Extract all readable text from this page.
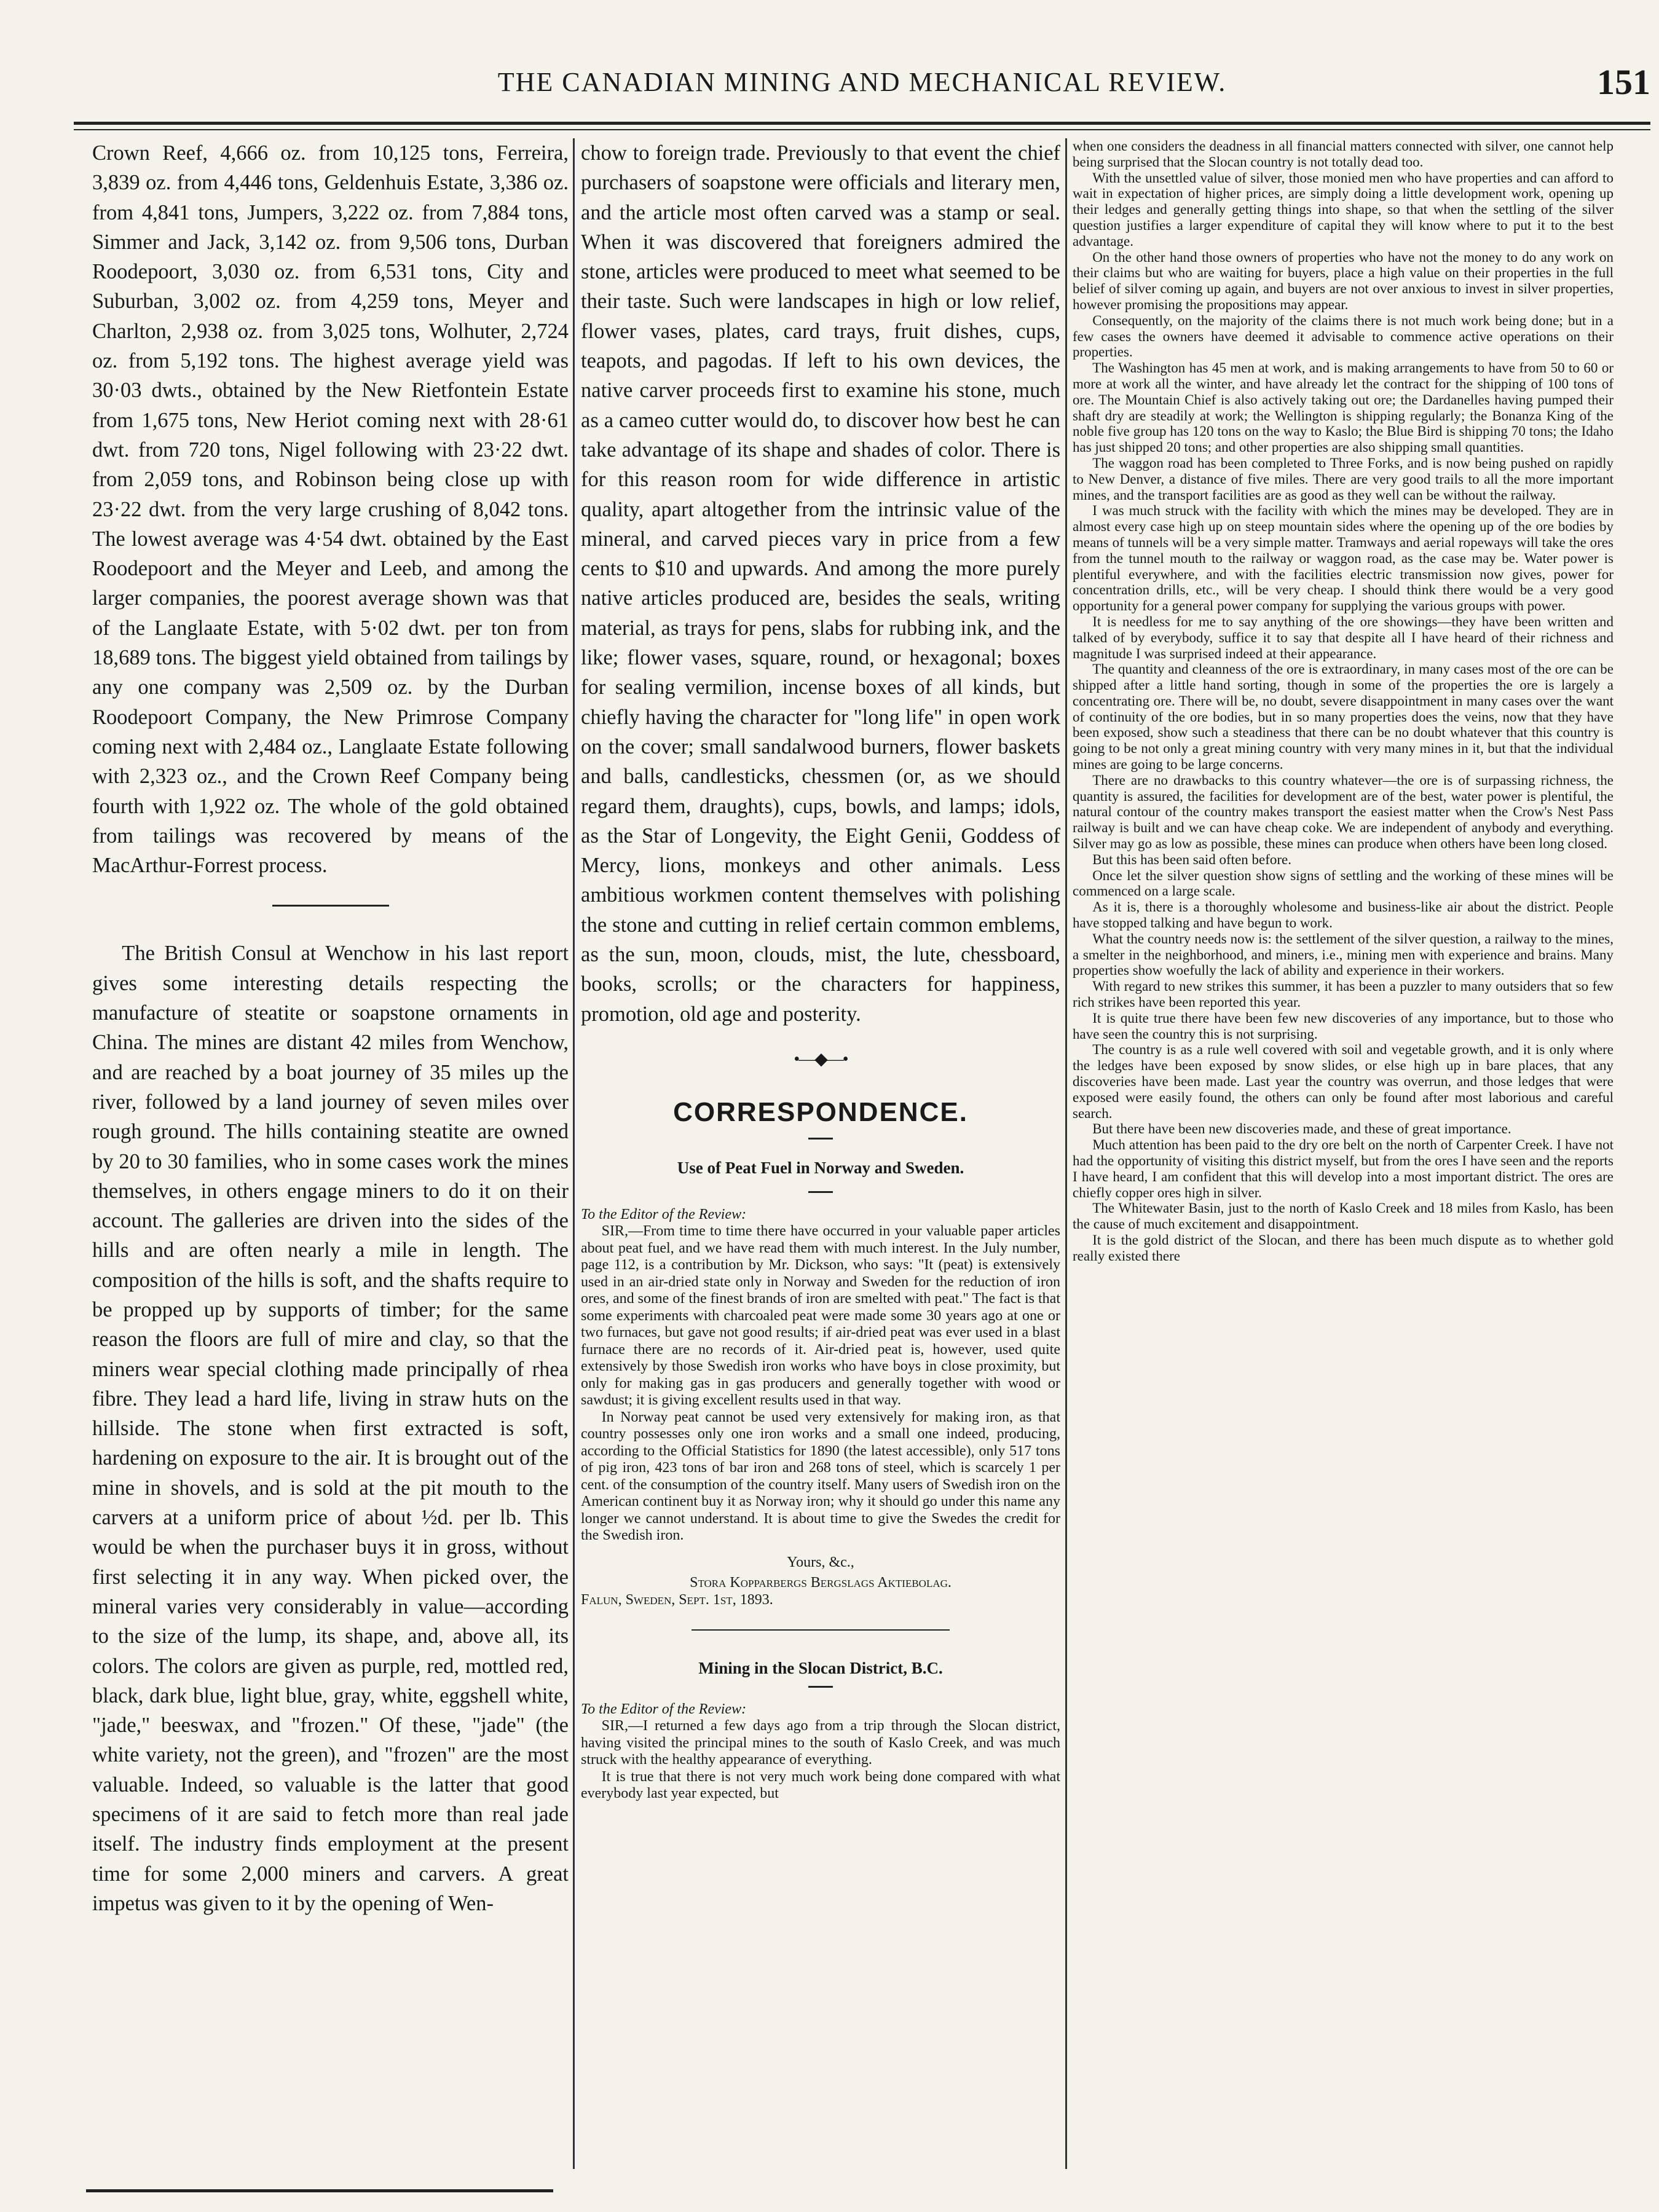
THE CANADIAN MINING AND MECHANICAL REVIEW.	151

Crown Reef, 4,666 oz. from 10,125 tons, Ferreira, 3,839 oz. from 4,446 tons, Geldenhuis Estate, 3,386 oz. from 4,841 tons, Jumpers, 3,222 oz. from 7,884 tons, Simmer and Jack, 3,142 oz. from 9,506 tons, Durban Roodepoort, 3,030 oz. from 6,531 tons, City and Suburban, 3,002 oz. from 4,259 tons, Meyer and Charlton, 2,938 oz. from 3,025 tons, Wolhuter, 2,724 oz. from 5,192 tons. The highest average yield was 30·03 dwts., obtained by the New Rietfontein Estate from 1,675 tons, New Heriot coming next with 28·61 dwt. from 720 tons, Nigel following with 23·22 dwt. from 2,059 tons, and Robinson being close up with 23·22 dwt. from the very large crushing of 8,042 tons. The lowest average was 4·54 dwt. obtained by the East Roodepoort and the Meyer and Leeb, and among the larger companies, the poorest average shown was that of the Langlaate Estate, with 5·02 dwt. per ton from 18,689 tons. The biggest yield obtained from tailings by any one company was 2,509 oz. by the Durban Roodepoort Company, the New Primrose Company coming next with 2,484 oz., Langlaate Estate following with 2,323 oz., and the Crown Reef Company being fourth with 1,922 oz. The whole of the gold obtained from tailings was recovered by means of the MacArthur-Forrest process.

The British Consul at Wenchow in his last report gives some interesting details respecting the manufacture of steatite or soapstone ornaments in China. The mines are distant 42 miles from Wenchow, and are reached by a boat journey of 35 miles up the river, followed by a land journey of seven miles over rough ground. The hills containing steatite are owned by 20 to 30 families, who in some cases work the mines themselves, in others engage miners to do it on their account. The galleries are driven into the sides of the hills and are often nearly a mile in length. The composition of the hills is soft, and the shafts require to be propped up by supports of timber; for the same reason the floors are full of mire and clay, so that the miners wear special clothing made principally of rhea fibre. They lead a hard life, living in straw huts on the hillside. The stone when first extracted is soft, hardening on exposure to the air. It is brought out of the mine in shovels, and is sold at the pit mouth to the carvers at a uniform price of about ½d. per lb. This would be when the purchaser buys it in gross, without first selecting it in any way. When picked over, the mineral varies very considerably in value—according to the size of the lump, its shape, and, above all, its colors. The colors are given as purple, red, mottled red, black, dark blue, light blue, gray, white, eggshell white, "jade," beeswax, and "frozen." Of these, "jade" (the white variety, not the green), and "frozen" are the most valuable. Indeed, so valuable is the latter that good specimens of it are said to fetch more than real jade itself. The industry finds employment at the present time for some 2,000 miners and carvers. A great impetus was given to it by the opening of Wen-

chow to foreign trade. Previously to that event the chief purchasers of soapstone were officials and literary men, and the article most often carved was a stamp or seal. When it was discovered that foreigners admired the stone, articles were produced to meet what seemed to be their taste. Such were landscapes in high or low relief, flower vases, plates, card trays, fruit dishes, cups, teapots, and pagodas. If left to his own devices, the native carver proceeds first to examine his stone, much as a cameo cutter would do, to discover how best he can take advantage of its shape and shades of color. There is for this reason room for wide difference in artistic quality, apart altogether from the intrinsic value of the mineral, and carved pieces vary in price from a few cents to $10 and upwards. And among the more purely native articles produced are, besides the seals, writing material, as trays for pens, slabs for rubbing ink, and the like; flower vases, square, round, or hexagonal; boxes for sealing vermilion, incense boxes of all kinds, but chiefly having the character for "long life" in open work on the cover; small sandalwood burners, flower baskets and balls, candlesticks, chessmen (or, as we should regard them, draughts), cups, bowls, and lamps; idols, as the Star of Longevity, the Eight Genii, Goddess of Mercy, lions, monkeys and other animals. Less ambitious workmen content themselves with polishing the stone and cutting in relief certain common emblems, as the sun, moon, clouds, mist, the lute, chessboard, books, scrolls; or the characters for happiness, promotion, old age and posterity.

•—◆—•
CORRESPONDENCE.
Use of Peat Fuel in Norway and Sweden.

To the Editor of the Review:

SIR,—From time to time there have occurred in your valuable paper articles about peat fuel, and we have read them with much interest. In the July number, page 112, is a contribution by Mr. Dickson, who says: "It (peat) is extensively used in an air-dried state only in Norway and Sweden for the reduction of iron ores, and some of the finest brands of iron are smelted with peat." The fact is that some experiments with charcoaled peat were made some 30 years ago at one or two furnaces, but gave not good results; if air-dried peat was ever used in a blast furnace there are no records of it. Air-dried peat is, however, used quite extensively by those Swedish iron works who have boys in close proximity, but only for making gas in gas producers and generally together with wood or sawdust; it is giving excellent results used in that way.

In Norway peat cannot be used very extensively for making iron, as that country possesses only one iron works and a small one indeed, producing, according to the Official Statistics for 1890 (the latest accessible), only 517 tons of pig iron, 423 tons of bar iron and 268 tons of steel, which is scarcely 1 per cent. of the consumption of the country itself. Many users of Swedish iron on the American continent buy it as Norway iron; why it should go under this name any longer we cannot understand. It is about time to give the Swedes the credit for the Swedish iron.

Yours, &c.,
Stora Kopparbergs Bergslags Aktiebolag.

Falun, Sweden, Sept. 1st, 1893.

Mining in the Slocan District, B.C.

To the Editor of the Review:

SIR,—I returned a few days ago from a trip through the Slocan district, having visited the principal mines to the south of Kaslo Creek, and was much struck with the healthy appearance of everything.

It is true that there is not very much work being done compared with what everybody last year expected, but

when one considers the deadness in all financial matters connected with silver, one cannot help being surprised that the Slocan country is not totally dead too.

With the unsettled value of silver, those monied men who have properties and can afford to wait in expectation of higher prices, are simply doing a little development work, opening up their ledges and generally getting things into shape, so that when the settling of the silver question justifies a larger expenditure of capital they will know where to put it to the best advantage.

On the other hand those owners of properties who have not the money to do any work on their claims but who are waiting for buyers, place a high value on their properties in the full belief of silver coming up again, and buyers are not over anxious to invest in silver properties, however promising the propositions may appear.

Consequently, on the majority of the claims there is not much work being done; but in a few cases the owners have deemed it advisable to commence active operations on their properties.

The Washington has 45 men at work, and is making arrangements to have from 50 to 60 or more at work all the winter, and have already let the contract for the shipping of 100 tons of ore. The Mountain Chief is also actively taking out ore; the Dardanelles having pumped their shaft dry are steadily at work; the Wellington is shipping regularly; the Bonanza King of the noble five group has 120 tons on the way to Kaslo; the Blue Bird is shipping 70 tons; the Idaho has just shipped 20 tons; and other properties are also shipping small quantities.

The waggon road has been completed to Three Forks, and is now being pushed on rapidly to New Denver, a distance of five miles. There are very good trails to all the more important mines, and the transport facilities are as good as they well can be without the railway.

I was much struck with the facility with which the mines may be developed. They are in almost every case high up on steep mountain sides where the opening up of the ore bodies by means of tunnels will be a very simple matter. Tramways and aerial ropeways will take the ores from the tunnel mouth to the railway or waggon road, as the case may be. Water power is plentiful everywhere, and with the facilities electric transmission now gives, power for concentration drills, etc., will be very cheap. I should think there would be a very good opportunity for a general power company for supplying the various groups with power.

It is needless for me to say anything of the ore showings—they have been written and talked of by everybody, suffice it to say that despite all I have heard of their richness and magnitude I was surprised indeed at their appearance.

The quantity and cleanness of the ore is extraordinary, in many cases most of the ore can be shipped after a little hand sorting, though in some of the properties the ore is largely a concentrating ore. There will be, no doubt, severe disappointment in many cases over the want of continuity of the ore bodies, but in so many properties does the veins, now that they have been exposed, show such a steadiness that there can be no doubt whatever that this country is going to be not only a great mining country with very many mines in it, but that the individual mines are going to be large concerns.

There are no drawbacks to this country whatever—the ore is of surpassing richness, the quantity is assured, the facilities for development are of the best, water power is plentiful, the natural contour of the country makes transport the easiest matter when the Crow's Nest Pass railway is built and we can have cheap coke. We are independent of anybody and everything. Silver may go as low as possible, these mines can produce when others have been long closed.

But this has been said often before.

Once let the silver question show signs of settling and the working of these mines will be commenced on a large scale.

As it is, there is a thoroughly wholesome and business-like air about the district. People have stopped talking and have begun to work.

What the country needs now is: the settlement of the silver question, a railway to the mines, a smelter in the neighborhood, and miners, i.e., mining men with experience and brains. Many properties show woefully the lack of ability and experience in their workers.

With regard to new strikes this summer, it has been a puzzler to many outsiders that so few rich strikes have been reported this year.

It is quite true there have been few new discoveries of any importance, but to those who have seen the country this is not surprising.

The country is as a rule well covered with soil and vegetable growth, and it is only where the ledges have been exposed by snow slides, or else high up in bare places, that any discoveries have been made. Last year the country was overrun, and those ledges that were exposed were easily found, the others can only be found after most laborious and careful search.

But there have been new discoveries made, and these of great importance.

Much attention has been paid to the dry ore belt on the north of Carpenter Creek. I have not had the opportunity of visiting this district myself, but from the ores I have seen and the reports I have heard, I am confident that this will develop into a most important district. The ores are chiefly copper ores high in silver.

The Whitewater Basin, just to the north of Kaslo Creek and 18 miles from Kaslo, has been the cause of much excitement and disappointment.

It is the gold district of the Slocan, and there has been much dispute as to whether gold really existed there
